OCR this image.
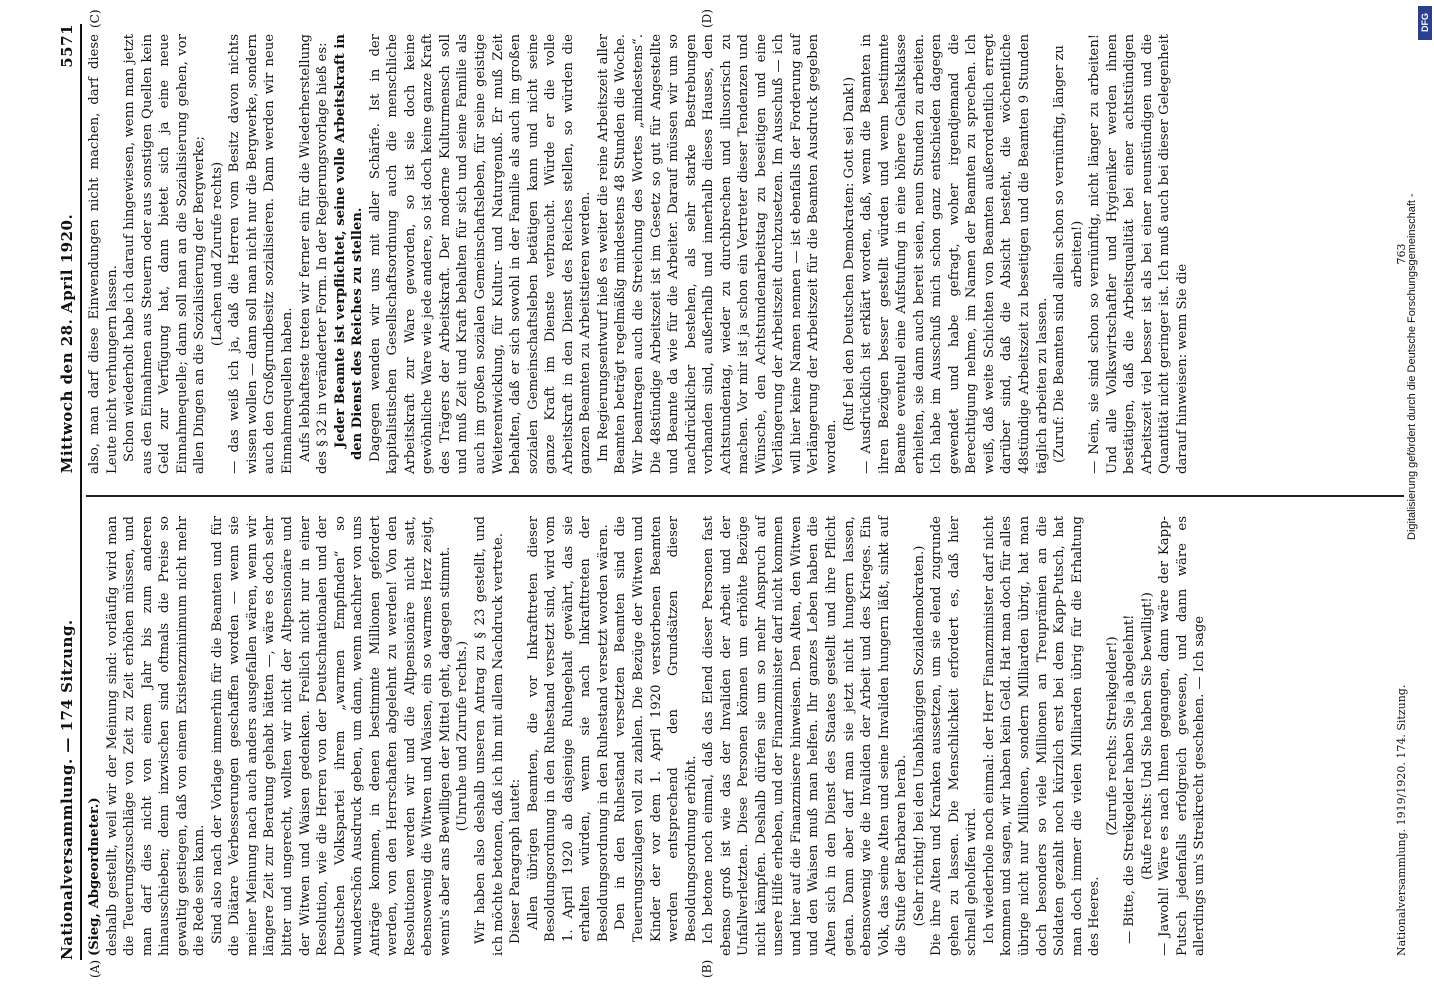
Nationalversammlung. — 174 Sitzung.
Mittwoch den 28. April 1920.
5571
(A)	(B)
(C)	(D)

(Sieg, Abgeordneter.) deshalb gestellt, weil wir der Meinung sind: vorläufig wird man die Teuerungszuschläge von Zeit zu Zeit erhöhen müssen, und man darf dies nicht von einem Jahr bis zum anderen hinausschieben; denn inzwischen sind oftmals die Preise so gewaltig gestiegen, daß von einem Existenzminimum nicht mehr die Rede sein kann. Sind also nach der Vorlage immerhin für die Beamten und für die Diätare Verbesserungen geschaffen worden — wenn sie meiner Meinung nach auch anders ausgefallen wären, wenn wir längere Zeit zur Beratung gehabt hätten —, wäre es doch sehr bitter und ungerecht, wollten wir nicht der Altpensionäre und der Witwen und Waisen gedenken. Freilich nicht nur in einer Resolution, wie die Herren von der Deutschnationalen und der Deutschen Volkspartei ihrem „warmen Empfinden“ so wunderschön Ausdruck geben, um dann, wenn nachher von uns Anträge kommen, in denen bestimmte Millionen gefordert werden, von den Herrschaften abgelehnt zu werden! Von den Resolutionen werden wir und die Altpensionäre nicht satt, ebensowenig die Witwen und Waisen, ein so warmes Herz zeigt, wenn's aber ans Bewilligen der Mittel geht, dagegen stimmt. (Unruhe und Zurufe rechts.) Wir haben also deshalb unseren Antrag zu § 23 gestellt, und ich möchte betonen, daß ich ihn mit allem Nachdruck vertrete. Dieser Paragraph lautet: Allen übrigen Beamten, die vor Inkrafttreten dieser Besoldungsordnung in den Ruhestand versetzt sind, wird vom 1. April 1920 ab dasjenige Ruhegehalt gewährt, das sie erhalten würden, wenn sie nach Inkrafttreten der Besoldungsordnung in den Ruhestand versetzt worden wären. Den in den Ruhestand versetzten Beamten sind die Teuerungszulagen voll zu zahlen. Die Bezüge der Witwen und Kinder der vor dem 1. April 1920 verstorbenen Beamten werden entsprechend den Grundsätzen dieser Besoldungsordnung erhöht. Ich betone noch einmal, daß das Elend dieser Personen fast ebenso groß ist wie das der Invaliden der Arbeit und der Unfallverletzten. Diese Personen können um erhöhte Bezüge nicht kämpfen. Deshalb dürfen sie um so mehr Anspruch auf unsere Hilfe erheben, und der Finanzminister darf nicht kommen und hier auf die Finanzmisere hinweisen. Den Alten, den Witwen und den Waisen muß man helfen. Ihr ganzes Leben haben die Alten sich in den Dienst des Staates gestellt und ihre Pflicht getan. Dann aber darf man sie jetzt nicht hungern lassen, ebensowenig wie die Invaliden der Arbeit und des Krieges. Ein Volk, das seine Alten und seine Invaliden hungern läßt, sinkt auf die Stufe der Barbaren herab. (Sehr richtig! bei den Unabhängigen Sozialdemokraten.) Die ihre Alten und Kranken aussetzen, um sie elend zugrunde gehen zu lassen. Die Menschlichkeit erfordert es, daß hier schnell geholfen wird. Ich wiederhole noch einmal: der Herr Finanzminister darf nicht kommen und sagen, wir haben kein Geld. Hat man doch für alles übrige nicht nur Millionen, sondern Milliarden übrig, hat man doch besonders so viele Millionen an Treuprämien an die Soldaten gezahlt noch kürzlich erst bei dem Kapp-Putsch, hat man doch immer die vielen Milliarden übrig für die Erhaltung des Heeres.

(Zurufe rechts: Streikgelder!) — Bitte, die Streikgelder haben Sie ja abgelehnt! (Rufe rechts: Und Sie haben Sie bewilligt!) — Jawohl! Wäre es nach Ihnen gegangen, dann wäre der Kapp-Putsch jedenfalls erfolgreich gewesen, und dann wäre es allerdings um's Streikrecht geschehen. — Ich sage

also, man darf diese Einwendungen nicht machen, darf diese Leute nicht verhungern lassen. Schon wiederholt habe ich darauf hingewiesen, wenn man jetzt aus den Einnahmen aus Steuern oder aus sonstigen Quellen kein Geld zur Verfügung hat, dann bietet sich ja eine neue Einnahmequelle; dann soll man an die Sozialisierung gehen, vor allen Dingen an die Sozialisierung der Bergwerke; (Lachen und Zurufe rechts) — das weiß ich ja, daß die Herren vom Besitz davon nichts wissen wollen — dann soll man nicht nur die Bergwerke, sondern auch den Großgrundbesitz sozialisieren. Dann werden wir neue Einnahmequellen haben. Aufs lebhafteste treten wir ferner ein für die Wiederherstellung des § 32 in veränderter Form. In der Regierungsvorlage hieß es: Jeder Beamte ist verpflichtet, seine volle Arbeitskraft in den Dienst des Reiches zu stellen. Dagegen wenden wir uns mit aller Schärfe. Ist in der kapitalistischen Gesellschaftsordnung auch die menschliche Arbeitskraft zur Ware geworden, so ist sie doch keine gewöhnliche Ware wie jede andere, so ist doch keine ganze Kraft des Trägers der Arbeitskraft. Der moderne Kulturmensch soll und muß Zeit und Kraft behalten für sich und seine Familie als auch im großen sozialen Gemeinschaftsleben, für seine geistige Weiterentwicklung, für Kultur- und Naturgenuß. Er muß Zeit behalten, daß er sich sowohl in der Familie als auch im großen sozialen Gemeinschaftsleben betätigen kann und nicht seine ganze Kraft im Dienste verbraucht. Würde er die volle Arbeitskraft in den Dienst des Reiches stellen, so würden die ganzen Beamten zu Arbeitstieren werden. Im Regierungsentwurf hieß es weiter die reine Arbeitszeit aller Beamten beträgt regelmäßig mindestens 48 Stunden die Woche. Wir beantragen auch die Streichung des Wortes „mindestens“. Die 48stündige Arbeitszeit ist im Gesetz so gut für Angestellte und Beamte da wie für die Arbeiter. Darauf müssen wir um so nachdrücklicher bestehen, als sehr starke Bestrebungen vorhanden sind, außerhalb und innerhalb dieses Hauses, den Achtstundentag, wieder zu durchbrechen und illusorisch zu machen. Vor mir ist ja schon ein Vertreter dieser Tendenzen und Wünsche, den Achtstundenarbeitstag zu beseitigen und eine Verlängerung der Arbeitszeit durchzusetzen. Im Ausschuß — ich will hier keine Namen nennen — ist ebenfalls der Forderung auf Verlängerung der Arbeitszeit für die Beamten Ausdruck gegeben worden.

(Ruf bei den Deutschen Demokraten: Gott sei Dank!) — Ausdrücklich ist erklärt worden, daß, wenn die Beamten in ihren Bezügen besser gestellt würden und wenn bestimmte Beamte eventuell eine Aufstufung in eine höhere Gehaltsklasse erhielten, sie dann auch bereit seien, neun Stunden zu arbeiten. Ich habe im Ausschuß mich schon ganz entschieden dagegen gewendet und habe gefragt, woher irgendjemand die Berechtigung nehme, im Namen der Beamten zu sprechen. Ich weiß, daß weite Schichten von Beamten außerordentlich erregt darüber sind, daß die Absicht besteht, die wöchentliche 48stündige Arbeitszeit zu beseitigen und die Beamten 9 Stunden täglich arbeiten zu lassen. (Zuruf: Die Beamten sind allein schon so vernünftig, länger zu arbeiten!) — Nein, sie sind schon so vernünftig, nicht länger zu arbeiten! Und alle Volkswirtschaftler und Hygieniker werden ihnen bestätigen, daß die Arbeitsqualität bei einer achtstündigen Arbeitszeit viel besser ist als bei einer neunstündigen und die Quantität nicht geringer ist. Ich muß auch bei dieser Gelegenheit darauf hinweisen: wenn Sie die

Nationalversammlung. 1919/1920. 174. Sitzung.
763
DFG
Digitalisierung gefördert durch die Deutsche Forschungsgemeinschaft -
